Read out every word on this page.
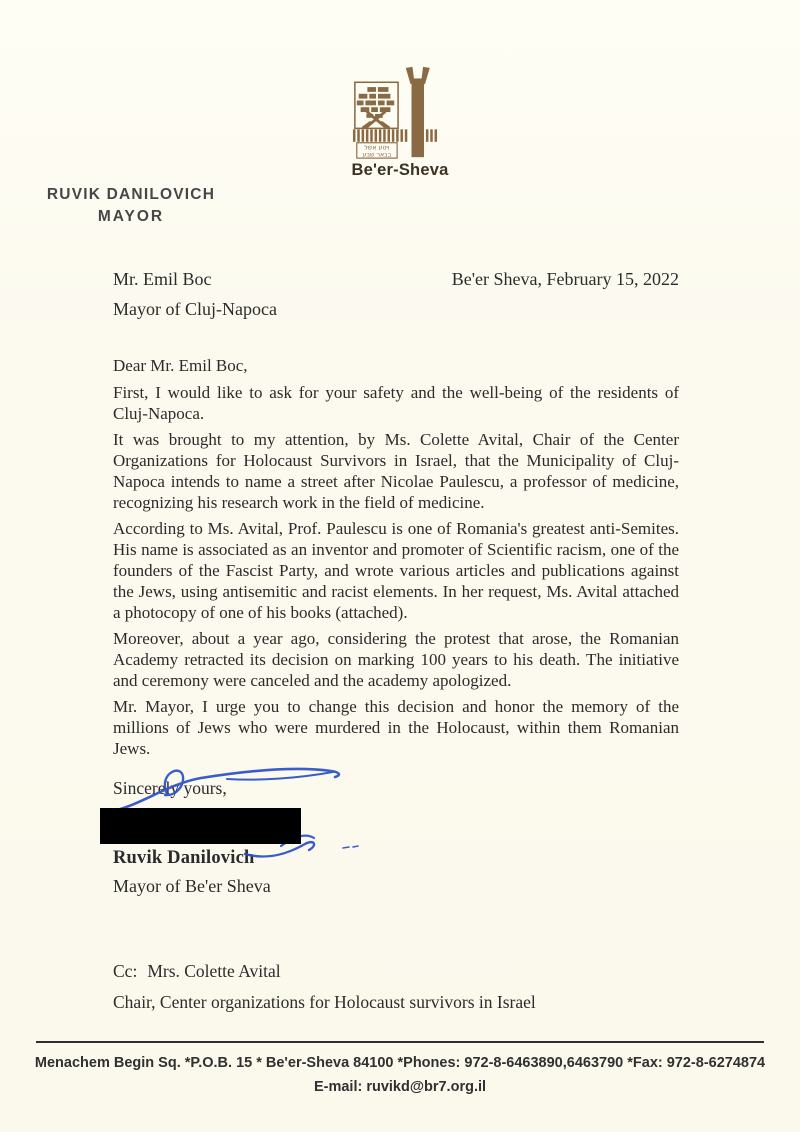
ויטע אשל
בבאר שבע
Be'er-Sheva
RUVIK DANILOVICH
MAYOR
Mr. Emil Boc	Be'er Sheva, February 15, 2022
Mayor of Cluj-Napoca
Dear Mr. Emil Boc,

First, I would like to ask for your safety and the well-being of the residents of Cluj-Napoca.

It was brought to my attention, by Ms. Colette Avital, Chair of the Center Organizations for Holocaust Survivors in Israel, that the Municipality of Cluj-Napoca intends to name a street after Nicolae Paulescu, a professor of medicine, recognizing his research work in the field of medicine.

According to Ms. Avital, Prof. Paulescu is one of Romania's greatest anti-Semites. His name is associated as an inventor and promoter of Scientific racism, one of the founders of the Fascist Party, and wrote various articles and publications against the Jews, using antisemitic and racist elements. In her request, Ms. Avital attached a photocopy of one of his books (attached).

Moreover, about a year ago, considering the protest that arose, the Romanian Academy retracted its decision on marking 100 years to his death. The initiative and ceremony were canceled and the academy apologized.

Mr. Mayor, I urge you to change this decision and honor the memory of the millions of Jews who were murdered in the Holocaust, within them Romanian Jews.

Sincerely yours,
Ruvik Danilovich
Mayor of Be'er Sheva
Cc: Mrs. Colette Avital
Chair, Center organizations for Holocaust survivors in Israel
Menachem Begin Sq. *P.O.B. 15 * Be'er-Sheva 84100 *Phones: 972-8-6463890,6463790 *Fax: 972-8-6274874
E-mail: ruvikd@br7.org.il
